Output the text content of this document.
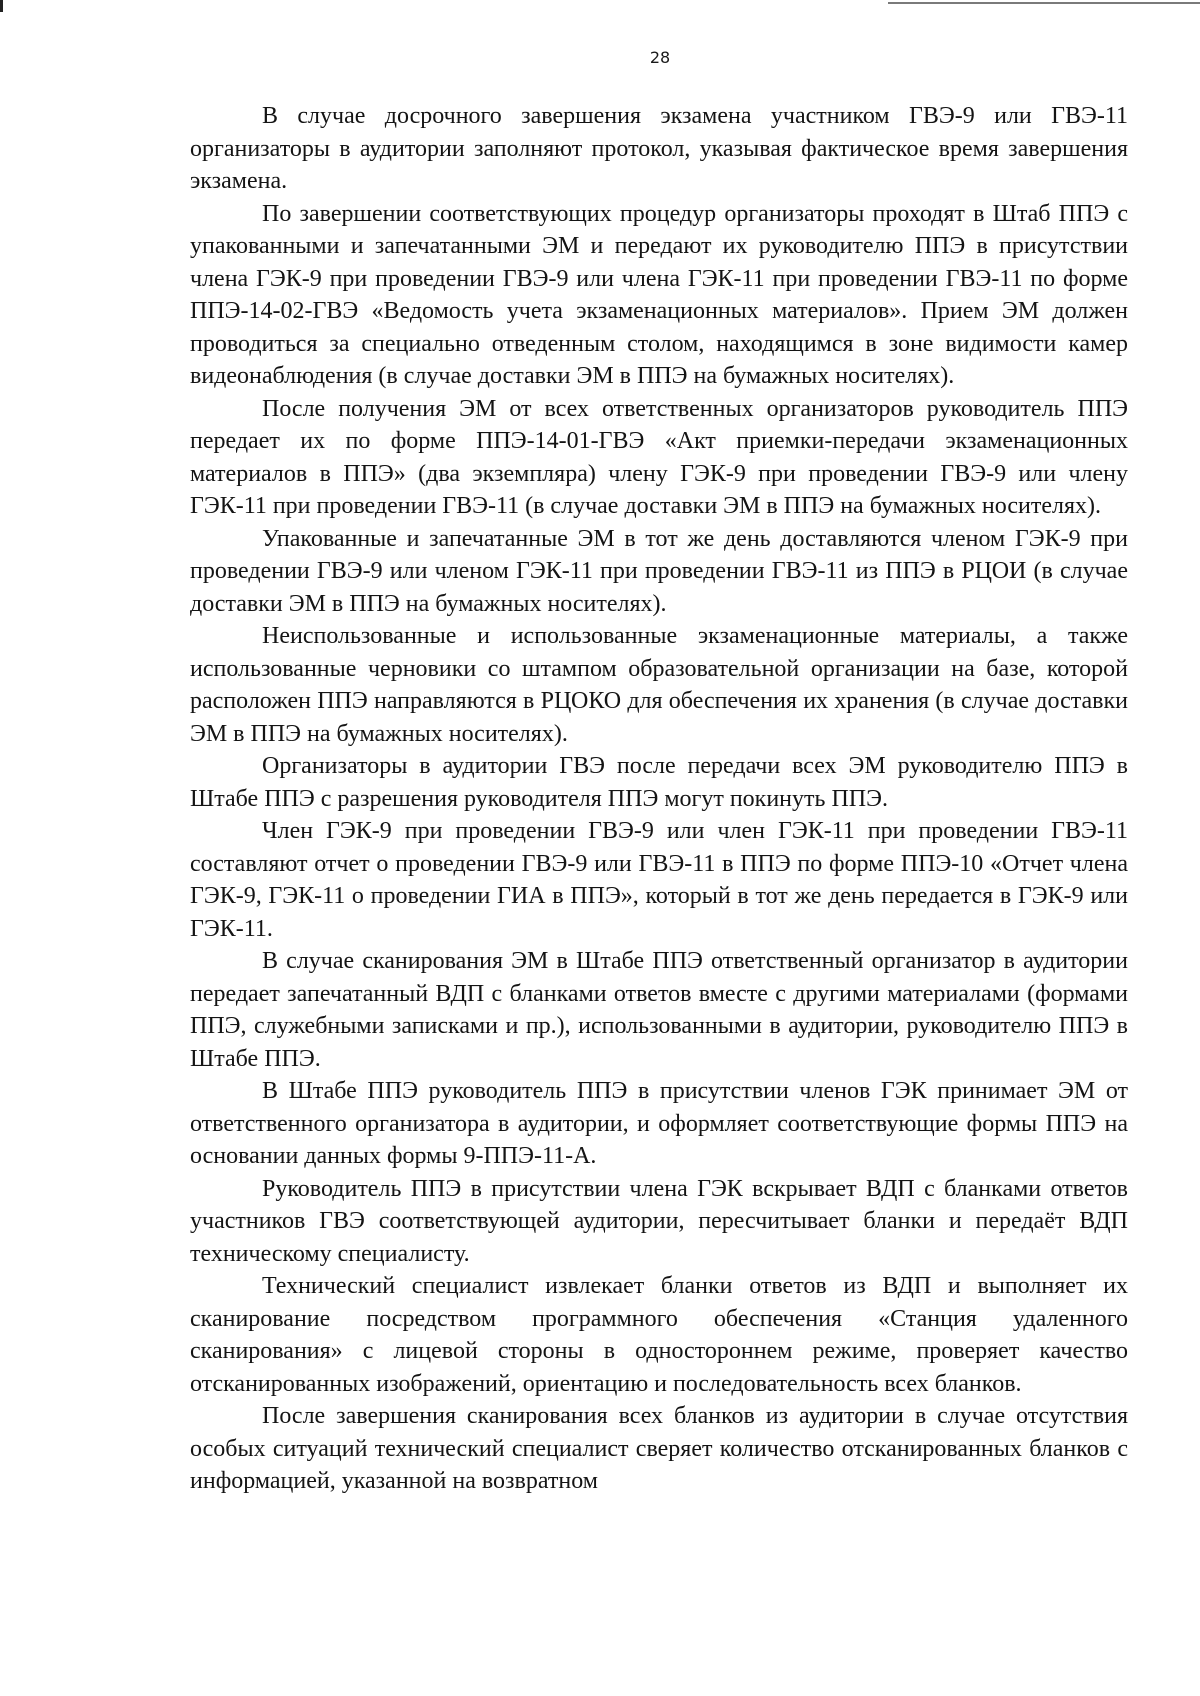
28

В случае досрочного завершения экзамена участником ГВЭ-9 или ГВЭ-11 организаторы в аудитории заполняют протокол, указывая фактическое время завершения экзамена.

По завершении соответствующих процедур организаторы проходят в Штаб ППЭ с упакованными и запечатанными ЭМ и передают их руководителю ППЭ в присутствии члена ГЭК-9 при проведении ГВЭ-9 или члена ГЭК-11 при проведении ГВЭ-11 по форме ППЭ-14-02-ГВЭ «Ведомость учета экзаменационных материалов». Прием ЭМ должен проводиться за специально отведенным столом, находящимся в зоне видимости камер видеонаблюдения (в случае доставки ЭМ в ППЭ на бумажных носителях).

После получения ЭМ от всех ответственных организаторов руководитель ППЭ передает их по форме ППЭ-14-01-ГВЭ «Акт приемки-передачи экзаменационных материалов в ППЭ» (два экземпляра) члену ГЭК-9 при проведении ГВЭ-9 или члену ГЭК-11 при проведении ГВЭ-11 (в случае доставки ЭМ в ППЭ на бумажных носителях).

Упакованные и запечатанные ЭМ в тот же день доставляются членом ГЭК-9 при проведении ГВЭ-9 или членом ГЭК-11 при проведении ГВЭ-11 из ППЭ в РЦОИ (в случае доставки ЭМ в ППЭ на бумажных носителях).

Неиспользованные и использованные экзаменационные материалы, а также использованные черновики со штампом образовательной организации на базе, которой расположен ППЭ направляются в РЦОКО для обеспечения их хранения (в случае доставки ЭМ в ППЭ на бумажных носителях).

Организаторы в аудитории ГВЭ после передачи всех ЭМ руководителю ППЭ в Штабе ППЭ с разрешения руководителя ППЭ могут покинуть ППЭ.

Член ГЭК-9 при проведении ГВЭ-9 или член ГЭК-11 при проведении ГВЭ-11 составляют отчет о проведении ГВЭ-9 или ГВЭ-11 в ППЭ по форме ППЭ-10 «Отчет члена ГЭК-9, ГЭК-11 о проведении ГИА в ППЭ», который в тот же день передается в ГЭК-9 или ГЭК-11.

В случае сканирования ЭМ в Штабе ППЭ ответственный организатор в аудитории передает запечатанный ВДП с бланками ответов вместе с другими материалами (формами ППЭ, служебными записками и пр.), использованными в аудитории, руководителю ППЭ в Штабе ППЭ.

В Штабе ППЭ руководитель ППЭ в присутствии членов ГЭК принимает ЭМ от ответственного организатора в аудитории, и оформляет соответствующие формы ППЭ на основании данных формы 9-ППЭ-11-А.

Руководитель ППЭ в присутствии члена ГЭК вскрывает ВДП с бланками ответов участников ГВЭ соответствующей аудитории, пересчитывает бланки и передаёт ВДП техническому специалисту.

Технический специалист извлекает бланки ответов из ВДП и выполняет их сканирование посредством программного обеспечения «Станция удаленного сканирования» с лицевой стороны в одностороннем режиме, проверяет качество отсканированных изображений, ориентацию и последовательность всех бланков.

После завершения сканирования всех бланков из аудитории в случае отсутствия особых ситуаций технический специалист сверяет количество отсканированных бланков с информацией, указанной на возвратном
